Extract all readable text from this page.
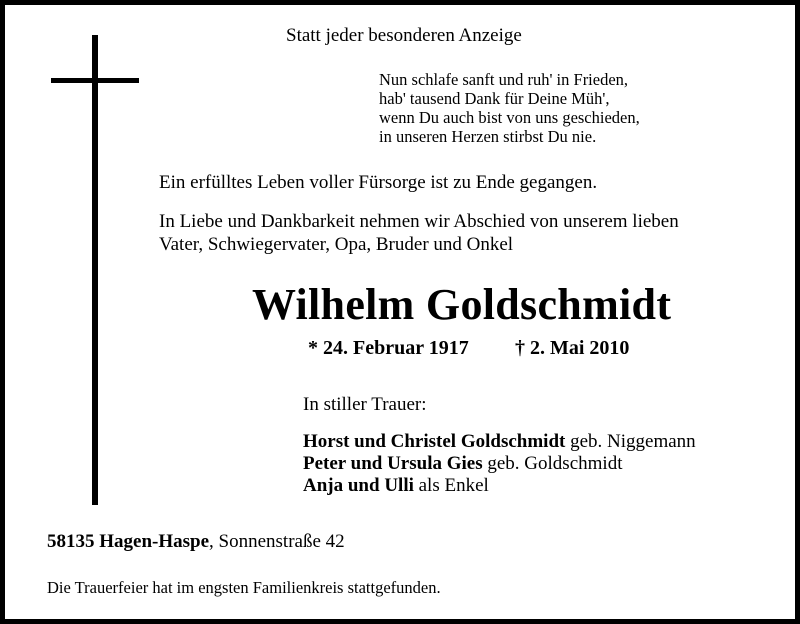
Statt jeder besonderen Anzeige
Nun schlafe sanft und ruh' in Frieden,
hab' tausend Dank für Deine Müh',
wenn Du auch bist von uns geschieden,
in unseren Herzen stirbst Du nie.
Ein erfülltes Leben voller Fürsorge ist zu Ende gegangen.
In Liebe und Dankbarkeit nehmen wir Abschied von unserem lieben
Vater, Schwiegervater, Opa, Bruder und Onkel
Wilhelm Goldschmidt
* 24. Februar 1917 † 2. Mai 2010
In stiller Trauer:
Horst und Christel Goldschmidt geb. Niggemann
Peter und Ursula Gies geb. Goldschmidt
Anja und Ulli als Enkel
58135 Hagen-Haspe, Sonnenstraße 42
Die Trauerfeier hat im engsten Familienkreis stattgefunden.
